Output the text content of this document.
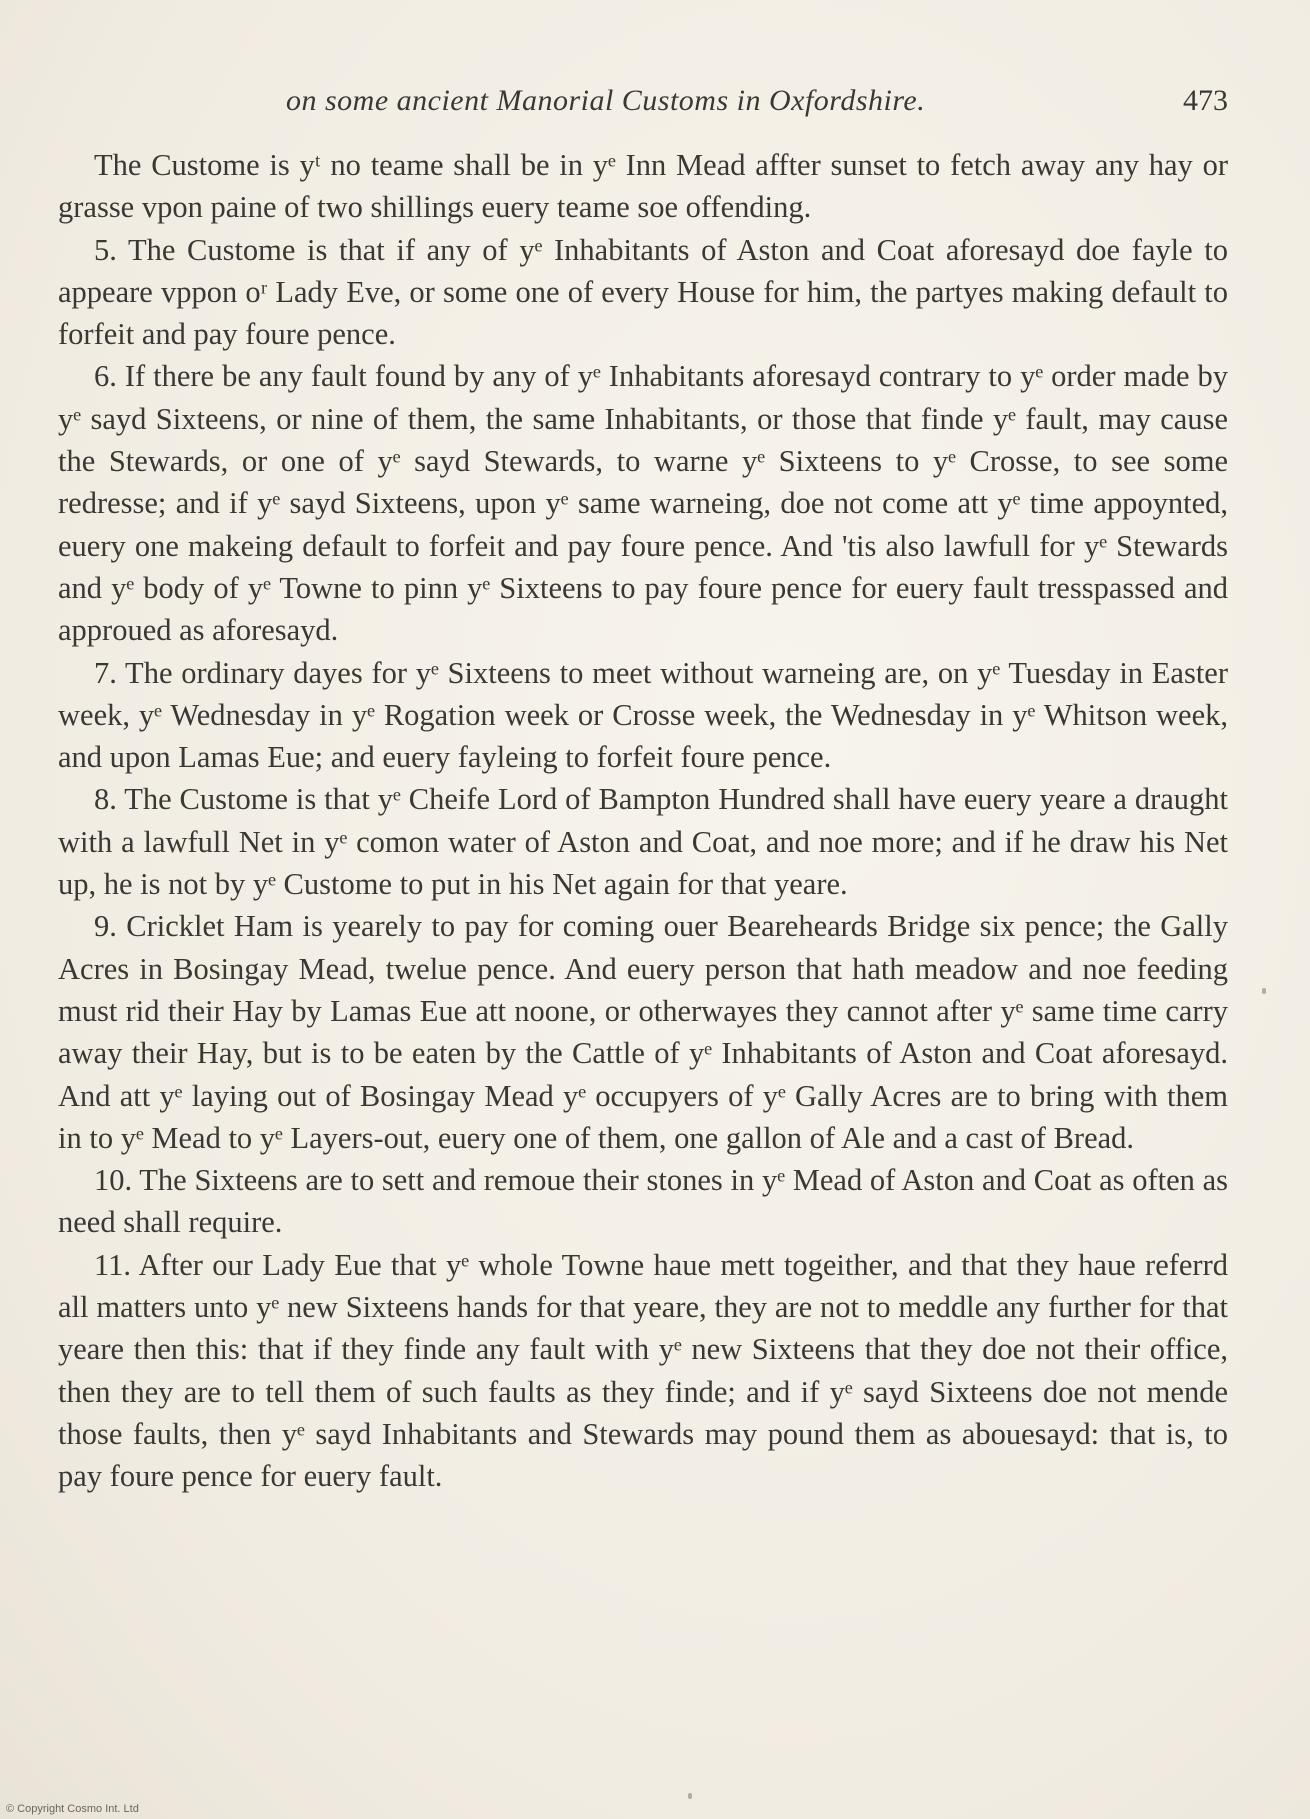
on some ancient Manorial Customs in Oxfordshire.	473

The Custome is yᵗ no teame shall be in yᵉ Inn Mead affter sunset to fetch away any hay or grasse vpon paine of two shillings euery teame soe offending.

5. The Custome is that if any of yᵉ Inhabitants of Aston and Coat aforesayd doe fayle to appeare vppon oʳ Lady Eve, or some one of every House for him, the partyes making default to forfeit and pay foure pence.

6. If there be any fault found by any of yᵉ Inhabitants aforesayd contrary to yᵉ order made by yᵉ sayd Sixteens, or nine of them, the same Inhabitants, or those that finde yᵉ fault, may cause the Stewards, or one of yᵉ sayd Stewards, to warne yᵉ Sixteens to yᵉ Crosse, to see some redresse; and if yᵉ sayd Sixteens, upon yᵉ same warneing, doe not come att yᵉ time appoynted, euery one makeing default to forfeit and pay foure pence. And 'tis also lawfull for yᵉ Stewards and yᵉ body of yᵉ Towne to pinn yᵉ Sixteens to pay foure pence for euery fault tresspassed and approued as aforesayd.

7. The ordinary dayes for yᵉ Sixteens to meet without warneing are, on yᵉ Tuesday in Easter week, yᵉ Wednesday in yᵉ Rogation week or Crosse week, the Wednesday in yᵉ Whitson week, and upon Lamas Eue; and euery fayleing to forfeit foure pence.

8. The Custome is that yᵉ Cheife Lord of Bampton Hundred shall have euery yeare a draught with a lawfull Net in yᵉ comon water of Aston and Coat, and noe more; and if he draw his Net up, he is not by yᵉ Custome to put in his Net again for that yeare.

9. Cricklet Ham is yearely to pay for coming ouer Beareheards Bridge six pence; the Gally Acres in Bosingay Mead, twelue pence. And euery person that hath meadow and noe feeding must rid their Hay by Lamas Eue att noone, or otherwayes they cannot after yᵉ same time carry away their Hay, but is to be eaten by the Cattle of yᵉ Inhabitants of Aston and Coat aforesayd. And att yᵉ laying out of Bosingay Mead yᵉ occupyers of yᵉ Gally Acres are to bring with them in to yᵉ Mead to yᵉ Layers-out, euery one of them, one gallon of Ale and a cast of Bread.

10. The Sixteens are to sett and remoue their stones in yᵉ Mead of Aston and Coat as often as need shall require.

11. After our Lady Eue that yᵉ whole Towne haue mett togeither, and that they haue referrd all matters unto yᵉ new Sixteens hands for that yeare, they are not to meddle any further for that yeare then this: that if they finde any fault with yᵉ new Sixteens that they doe not their office, then they are to tell them of such faults as they finde; and if yᵉ sayd Sixteens doe not mende those faults, then yᵉ sayd Inhabitants and Stewards may pound them as abouesayd: that is, to pay foure pence for euery fault.

© Copyright Cosmo Int. Ltd
